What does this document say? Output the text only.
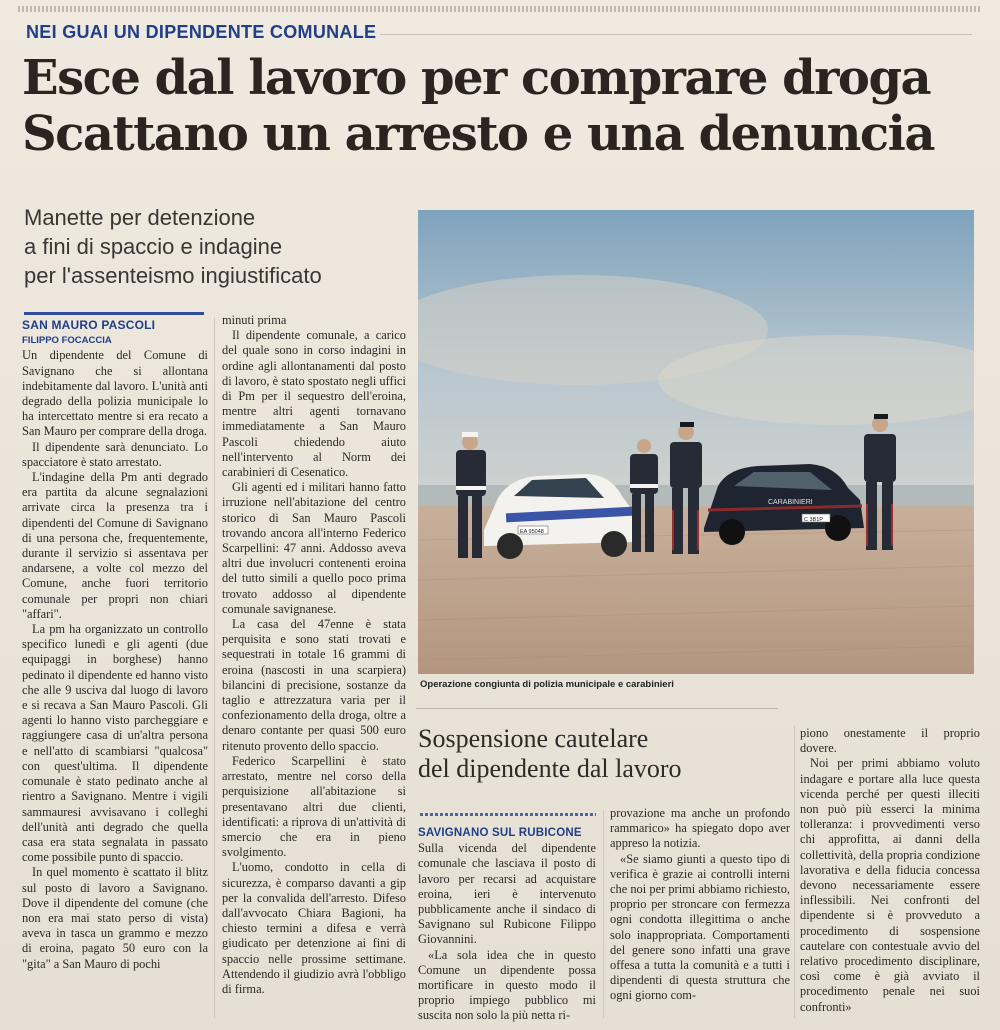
NEI GUAI UN DIPENDENTE COMUNALE
Esce dal lavoro per comprare droga
Scattano un arresto e una denuncia
Manette per detenzione
a fini di spaccio e indagine
per l'assenteismo ingiustificato
SAN MAURO PASCOLI
FILIPPO FOCACCIA

Un dipendente del Comune di Savignano che si allontana indebitamente dal lavoro. L'unità anti degrado della polizia municipale lo ha intercettato mentre si era recato a San Mauro per comprare della droga.

Il dipendente sarà denunciato. Lo spacciatore è stato arrestato.

L'indagine della Pm anti degrado era partita da alcune segnalazioni arrivate circa la presenza tra i dipendenti del Comune di Savignano di una persona che, frequentemente, durante il servizio si assentava per andarsene, a volte col mezzo del Comune, anche fuori territorio comunale per propri non chiari "affari".

La pm ha organizzato un controllo specifico lunedì e gli agenti (due equipaggi in borghese) hanno pedinato il dipendente ed hanno visto che alle 9 usciva dal luogo di lavoro e si recava a San Mauro Pascoli. Gli agenti lo hanno visto parcheggiare e raggiungere casa di un'altra persona e nell'atto di scambiarsi "qualcosa" con quest'ultima. Il dipendente comunale è stato pedinato anche al rientro a Savignano. Mentre i vigili sammauresi avvisavano i colleghi dell'unità anti degrado che quella casa era stata segnalata in passato come possibile punto di spaccio.

In quel momento è scattato il blitz sul posto di lavoro a Savignano. Dove il dipendente del comune (che non era mai stato perso di vista) aveva in tasca un grammo e mezzo di eroina, pagato 50 euro con la "gita" a San Mauro di pochi

minuti prima

Il dipendente comunale, a carico del quale sono in corso indagini in ordine agli allontanamenti dal posto di lavoro, è stato spostato negli uffici di Pm per il sequestro dell'eroina, mentre altri agenti tornavano immediatamente a San Mauro Pascoli chiedendo aiuto nell'intervento al Norm dei carabinieri di Cesenatico.

Gli agenti ed i militari hanno fatto irruzione nell'abitazione del centro storico di San Mauro Pascoli trovando ancora all'interno Federico Scarpellini: 47 anni. Addosso aveva altri due involucri contenenti eroina del tutto simili a quello poco prima trovato addosso al dipendente comunale savignanese.

La casa del 47enne è stata perquisita e sono stati trovati e sequestrati in totale 16 grammi di eroina (nascosti in una scarpiera) bilancini di precisione, sostanze da taglio e attrezzatura varia per il confezionamento della droga, oltre a denaro contante per quasi 500 euro ritenuto provento dello spaccio.

Federico Scarpellini è stato arrestato, mentre nel corso della perquisizione all'abitazione si presentavano altri due clienti, identificati: a riprova di un'attività di smercio che era in pieno svolgimento.

L'uomo, condotto in cella di sicurezza, è comparso davanti a gip per la convalida dell'arresto. Difeso dall'avvocato Chiara Bagioni, ha chiesto termini a difesa e verrà giudicato per detenzione ai fini di spaccio nelle prossime settimane. Attendendo il giudizio avrà l'obbligo di firma.

EA 95048
CARABINIERI
C 3B1P
Operazione congiunta di polizia municipale e carabinieri
Sospensione cautelare
del dipendente dal lavoro
SAVIGNANO SUL RUBICONE

Sulla vicenda del dipendente comunale che lasciava il posto di lavoro per recarsi ad acquistare eroina, ieri è intervenuto pubblicamente anche il sindaco di Savignano sul Rubicone Filippo Giovannini.

«La sola idea che in questo Comune un dipendente possa mortificare in questo modo il proprio impiego pubblico mi suscita non solo la più netta ri-

provazione ma anche un profondo rammarico» ha spiegato dopo aver appreso la notizia.

«Se siamo giunti a questo tipo di verifica è grazie ai controlli interni che noi per primi abbiamo richiesto, proprio per stroncare con fermezza ogni condotta illegittima o anche solo inappropriata. Comportamenti del genere sono infatti una grave offesa a tutta la comunità e a tutti i dipendenti di questa struttura che ogni giorno com-

piono onestamente il proprio dovere.

Noi per primi abbiamo voluto indagare e portare alla luce questa vicenda perché per questi illeciti non può più esserci la minima tolleranza: i provvedimenti verso chi approfitta, ai danni della collettività, della propria condizione lavorativa e della fiducia concessa devono necessariamente essere inflessibili. Nei confronti del dipendente si è provveduto a procedimento di sospensione cautelare con contestuale avvio del relativo procedimento disciplinare, così come è già avviato il procedimento penale nei suoi confronti»
